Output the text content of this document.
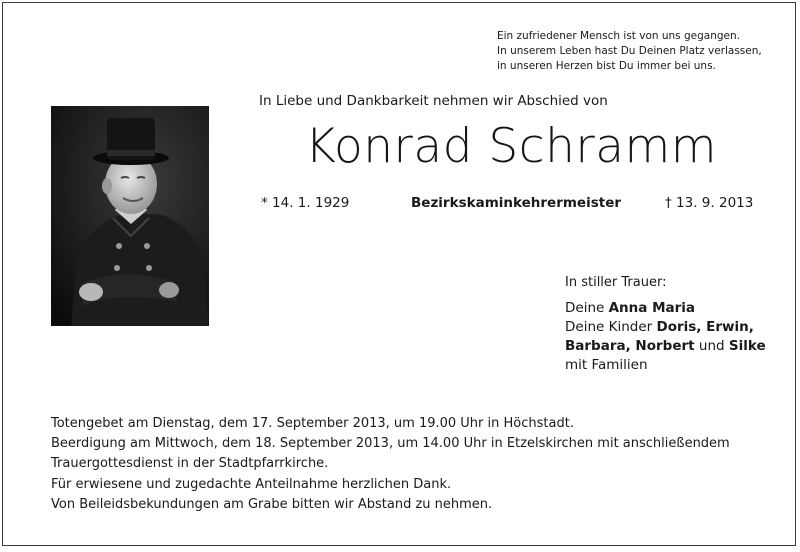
Ein zufriedener Mensch ist von uns gegangen.
In unserem Leben hast Du Deinen Platz verlassen,
in unseren Herzen bist Du immer bei uns.
In Liebe und Dankbarkeit nehmen wir Abschied von
Konrad Schramm
* 14. 1. 1929	Bezirkskaminkehrermeister	† 13. 9. 2013
In stiller Trauer:
Deine Anna Maria
Deine Kinder Doris, Erwin,
Barbara, Norbert und Silke
mit Familien
Totengebet am Dienstag, dem 17. September 2013, um 19.00 Uhr in Höchstadt.
Beerdigung am Mittwoch, dem 18. September 2013, um 14.00 Uhr in Etzelskirchen mit anschließendem
Trauergottesdienst in der Stadtpfarrkirche.
Für erwiesene und zugedachte Anteilnahme herzlichen Dank.
Von Beileidsbekundungen am Grabe bitten wir Abstand zu nehmen.
